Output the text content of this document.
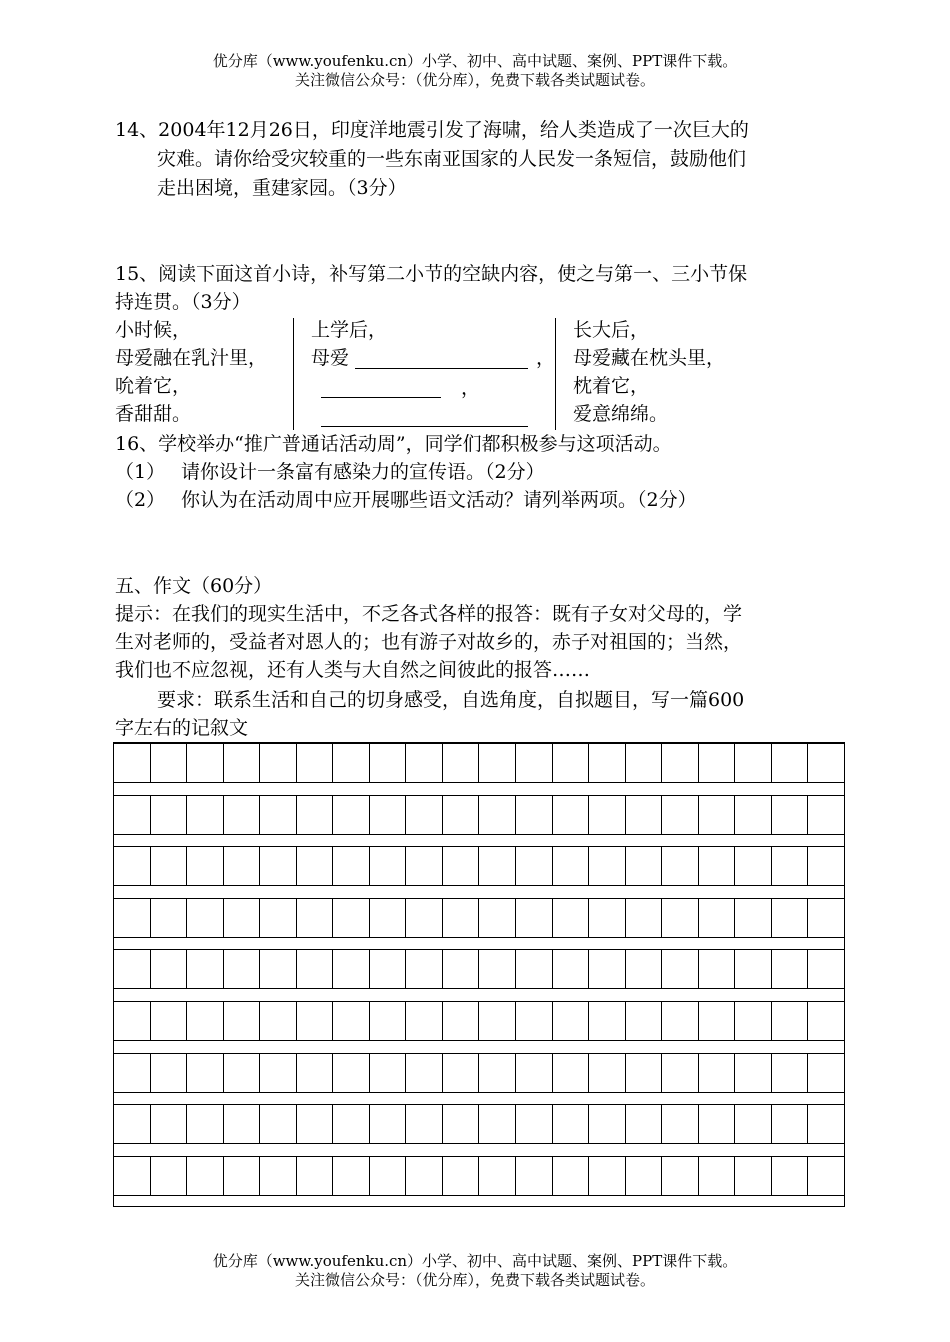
优分库（www.youfenku.cn）小学、初中、高中试题、案例、PPT课件下载。
关注微信公众号：（优分库），免费下载各类试题试卷。
14、2004年12月26日，印度洋地震引发了海啸，给人类造成了一次巨大的
灾难。请你给受灾较重的一些东南亚国家的人民发一条短信，鼓励他们
走出困境，重建家园。（3分）
15、阅读下面这首小诗，补写第二小节的空缺内容，使之与第一、三小节保
持连贯。（3分）
小时候，
母爱融在乳汁里，
吮着它，
香甜甜。
上学后，
母爱	，
，
长大后，
母爱藏在枕头里，
枕着它，
爱意绵绵。
16、学校举办“推广普通话活动周”，同学们都积极参与这项活动。
（1） 请你设计一条富有感染力的宣传语。（2分）
（2） 你认为在活动周中应开展哪些语文活动？请列举两项。（2分）
五、作文（60分）
提示：在我们的现实生活中，不乏各式各样的报答：既有子女对父母的，学
生对老师的，受益者对恩人的；也有游子对故乡的，赤子对祖国的；当然，
我们也不应忽视，还有人类与大自然之间彼此的报答……
要求：联系生活和自己的切身感受，自选角度，自拟题目，写一篇600
字左右的记叙文
优分库（www.youfenku.cn）小学、初中、高中试题、案例、PPT课件下载。
关注微信公众号：（优分库），免费下载各类试题试卷。
